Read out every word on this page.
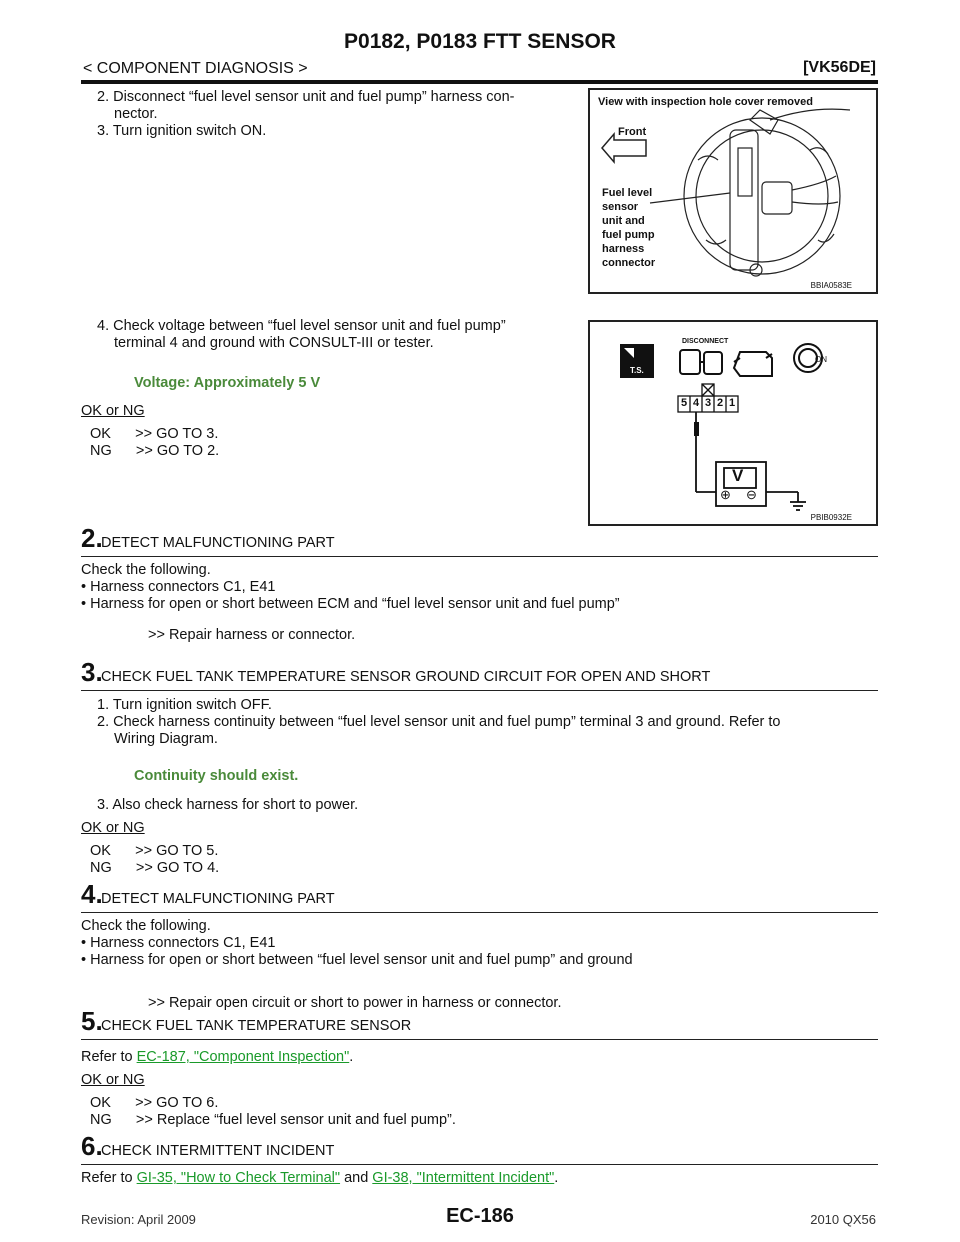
P0182, P0183 FTT SENSOR
< COMPONENT DIAGNOSIS >	[VK56DE]
2. Disconnect “fuel level sensor unit and fuel pump” harness con-
nector.
3. Turn ignition switch ON.
4. Check voltage between “fuel level sensor unit and fuel pump”
terminal 4 and ground with CONSULT-III or tester.
Voltage: Approximately 5 V
OK or NG
OK      >> GO TO 3.
NG      >> GO TO 2.
View with inspection hole cover removed
Front
Fuel level
sensor
unit and
fuel pump
harness
connector
BBIA0583E
DISCONNECT
T.S.
ON
5 4 3 2 1
V
⊕ ⊖
PBIB0932E
2.
DETECT MALFUNCTIONING PART
Check the following.
• Harness connectors C1, E41
• Harness for open or short between ECM and “fuel level sensor unit and fuel pump”
>> Repair harness or connector.
3.
CHECK FUEL TANK TEMPERATURE SENSOR GROUND CIRCUIT FOR OPEN AND SHORT
1. Turn ignition switch OFF.
2. Check harness continuity between “fuel level sensor unit and fuel pump” terminal 3 and ground. Refer to
Wiring Diagram.
Continuity should exist.
3. Also check harness for short to power.
OK or NG
OK      >> GO TO 5.
NG      >> GO TO 4.
4.
DETECT MALFUNCTIONING PART
Check the following.
• Harness connectors C1, E41
• Harness for open or short between “fuel level sensor unit and fuel pump” and ground
>> Repair open circuit or short to power in harness or connector.
5.
CHECK FUEL TANK TEMPERATURE SENSOR
Refer to EC-187, "Component Inspection".
OK or NG
OK      >> GO TO 6.
NG      >> Replace “fuel level sensor unit and fuel pump”.
6.
CHECK INTERMITTENT INCIDENT
Refer to GI-35, "How to Check Terminal" and GI-38, "Intermittent Incident".
Revision: April 2009	EC-186	2010 QX56
